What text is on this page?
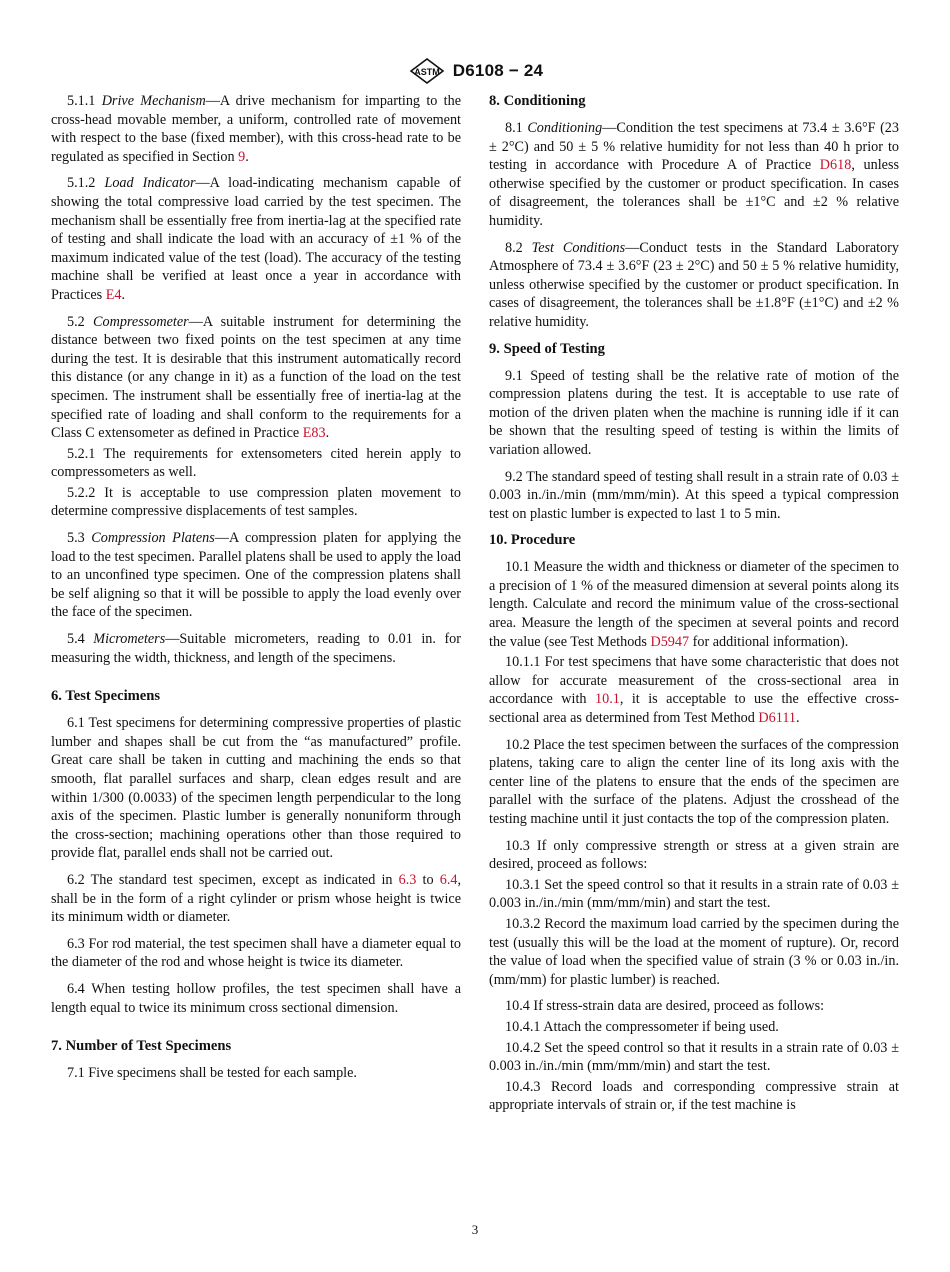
ASTM D6108 − 24

5.1.1 Drive Mechanism—A drive mechanism for imparting to the cross-head movable member, a uniform, controlled rate of movement with respect to the base (fixed member), with this cross-head rate to be regulated as specified in Section 9.

5.1.2 Load Indicator—A load-indicating mechanism capable of showing the total compressive load carried by the test specimen. The mechanism shall be essentially free from inertia-lag at the specified rate of testing and shall indicate the load with an accuracy of ±1 % of the maximum indicated value of the test (load). The accuracy of the testing machine shall be verified at least once a year in accordance with Practices E4.

5.2 Compressometer—A suitable instrument for determining the distance between two fixed points on the test specimen at any time during the test. It is desirable that this instrument automatically record this distance (or any change in it) as a function of the load on the test specimen. The instrument shall be essentially free of inertia-lag at the specified rate of loading and shall conform to the requirements for a Class C extensometer as defined in Practice E83.

5.2.1 The requirements for extensometers cited herein apply to compressometers as well.

5.2.2 It is acceptable to use compression platen movement to determine compressive displacements of test samples.

5.3 Compression Platens—A compression platen for applying the load to the test specimen. Parallel platens shall be used to apply the load to an unconfined type specimen. One of the compression platens shall be self aligning so that it will be possible to apply the load evenly over the face of the specimen.

5.4 Micrometers—Suitable micrometers, reading to 0.01 in. for measuring the width, thickness, and length of the specimens.

6. Test Specimens

6.1 Test specimens for determining compressive properties of plastic lumber and shapes shall be cut from the “as manufactured” profile. Great care shall be taken in cutting and machining the ends so that smooth, flat parallel surfaces and sharp, clean edges result and are within 1/300 (0.0033) of the specimen length perpendicular to the long axis of the specimen. Plastic lumber is generally nonuniform through the cross-section; machining operations other than those required to provide flat, parallel ends shall not be carried out.

6.2 The standard test specimen, except as indicated in 6.3 to 6.4, shall be in the form of a right cylinder or prism whose height is twice its minimum width or diameter.

6.3 For rod material, the test specimen shall have a diameter equal to the diameter of the rod and whose height is twice its diameter.

6.4 When testing hollow profiles, the test specimen shall have a length equal to twice its minimum cross sectional dimension.

7. Number of Test Specimens

7.1 Five specimens shall be tested for each sample.

8. Conditioning

8.1 Conditioning—Condition the test specimens at 73.4 ± 3.6°F (23 ± 2°C) and 50 ± 5 % relative humidity for not less than 40 h prior to testing in accordance with Procedure A of Practice D618, unless otherwise specified by the customer or product specification. In cases of disagreement, the tolerances shall be ±1°C and ±2 % relative humidity.

8.2 Test Conditions—Conduct tests in the Standard Laboratory Atmosphere of 73.4 ± 3.6°F (23 ± 2°C) and 50 ± 5 % relative humidity, unless otherwise specified by the customer or product specification. In cases of disagreement, the tolerances shall be ±1.8°F (±1°C) and ±2 % relative humidity.

9. Speed of Testing

9.1 Speed of testing shall be the relative rate of motion of the compression platens during the test. It is acceptable to use rate of motion of the driven platen when the machine is running idle if it can be shown that the resulting speed of testing is within the limits of variation allowed.

9.2 The standard speed of testing shall result in a strain rate of 0.03 ± 0.003 in./in./min (mm/mm/min). At this speed a typical compression test on plastic lumber is expected to last 1 to 5 min.

10. Procedure

10.1 Measure the width and thickness or diameter of the specimen to a precision of 1 % of the measured dimension at several points along its length. Calculate and record the minimum value of the cross-sectional area. Measure the length of the specimen at several points and record the value (see Test Methods D5947 for additional information).

10.1.1 For test specimens that have some characteristic that does not allow for accurate measurement of the cross-sectional area in accordance with 10.1, it is acceptable to use the effective cross-sectional area as determined from Test Method D6111.

10.2 Place the test specimen between the surfaces of the compression platens, taking care to align the center line of its long axis with the center line of the platens to ensure that the ends of the specimen are parallel with the surface of the platens. Adjust the crosshead of the testing machine until it just contacts the top of the compression platen.

10.3 If only compressive strength or stress at a given strain are desired, proceed as follows:

10.3.1 Set the speed control so that it results in a strain rate of 0.03 ± 0.003 in./in./min (mm/mm/min) and start the test.

10.3.2 Record the maximum load carried by the specimen during the test (usually this will be the load at the moment of rupture). Or, record the value of load when the specified value of strain (3 % or 0.03 in./in. (mm/mm) for plastic lumber) is reached.

10.4 If stress-strain data are desired, proceed as follows:

10.4.1 Attach the compressometer if being used.

10.4.2 Set the speed control so that it results in a strain rate of 0.03 ± 0.003 in./in./min (mm/mm/min) and start the test.

10.4.3 Record loads and corresponding compressive strain at appropriate intervals of strain or, if the test machine is

3
